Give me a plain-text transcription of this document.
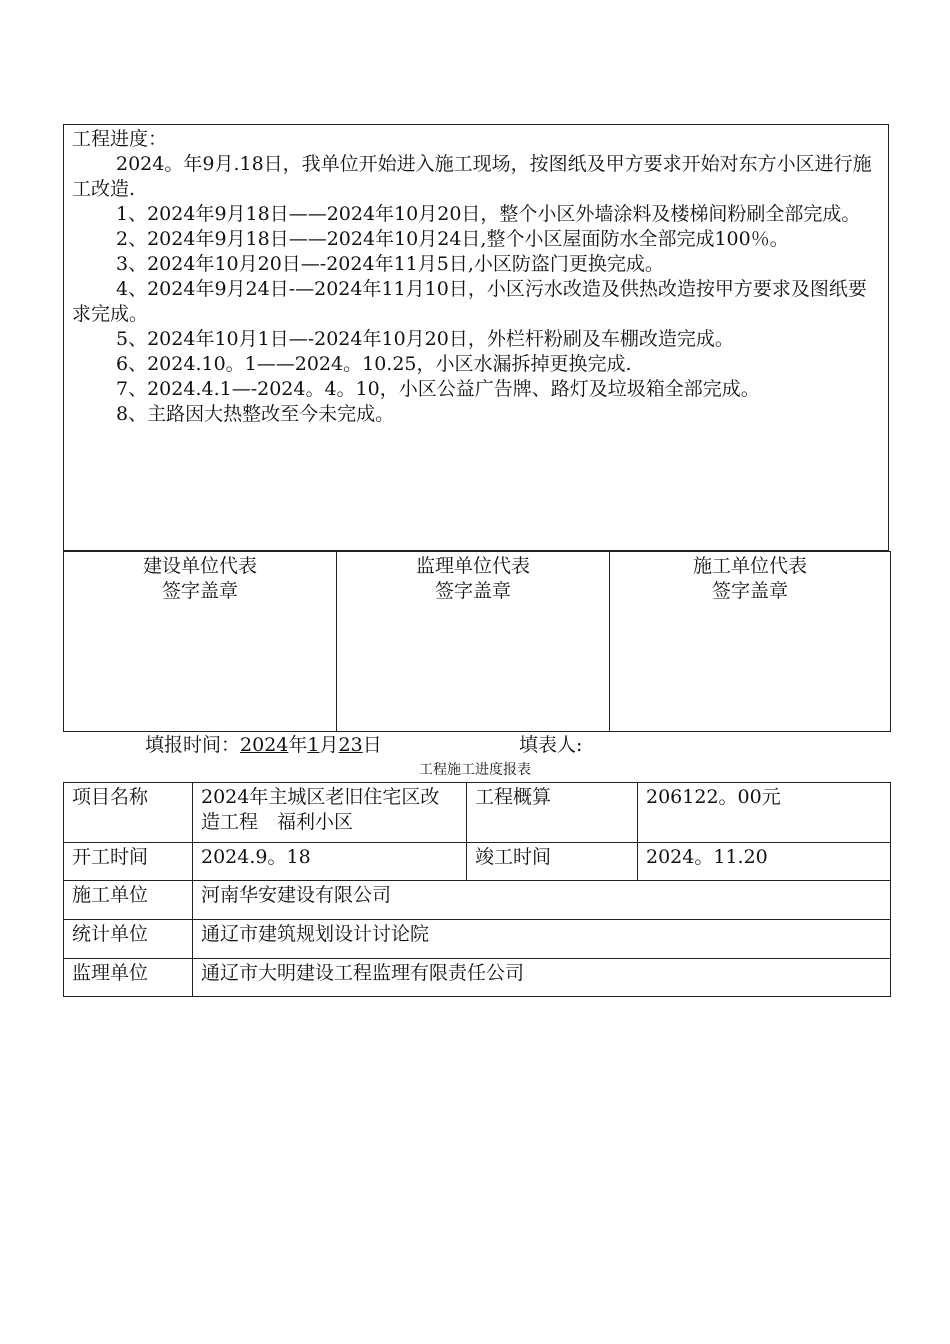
工程进度：

2024。年9月.18日，我单位开始进入施工现场，按图纸及甲方要求开始对东方小区进行施工改造.

1、2024年9月18日——2024年10月20日，整个小区外墙涂料及楼梯间粉刷全部完成。

2、2024年9月18日——2024年10月24日,整个小区屋面防水全部完成100％。

3、2024年10月20日—-2024年11月5日,小区防盗门更换完成。

4、2024年9月24日-—2024年11月10日，小区污水改造及供热改造按甲方要求及图纸要求完成。

5、2024年10月1日—-2024年10月20日，外栏杆粉刷及车棚改造完成。

6、2024.10。1——2024。10.25，小区水漏拆掉更换完成.

7、2024.4.1—-2024。4。10，小区公益广告牌、路灯及垃圾箱全部完成。

8、主路因大热整改至今未完成。

建设单位代表
签字盖章

监理单位代表
签字盖章

施工单位代表
签字盖章
填报时间：2024年1月23日	填表人:
工程施工进度报表
项目名称	2024年主城区老旧住宅区改造工程　福利小区	工程概算	206122。00元
开工时间	2024.9。18	竣工时间	2024。11.20
施工单位	河南华安建设有限公司		
统计单位	通辽市建筑规划设计讨论院		
监理单位	通辽市大明建设工程监理有限责任公司		
